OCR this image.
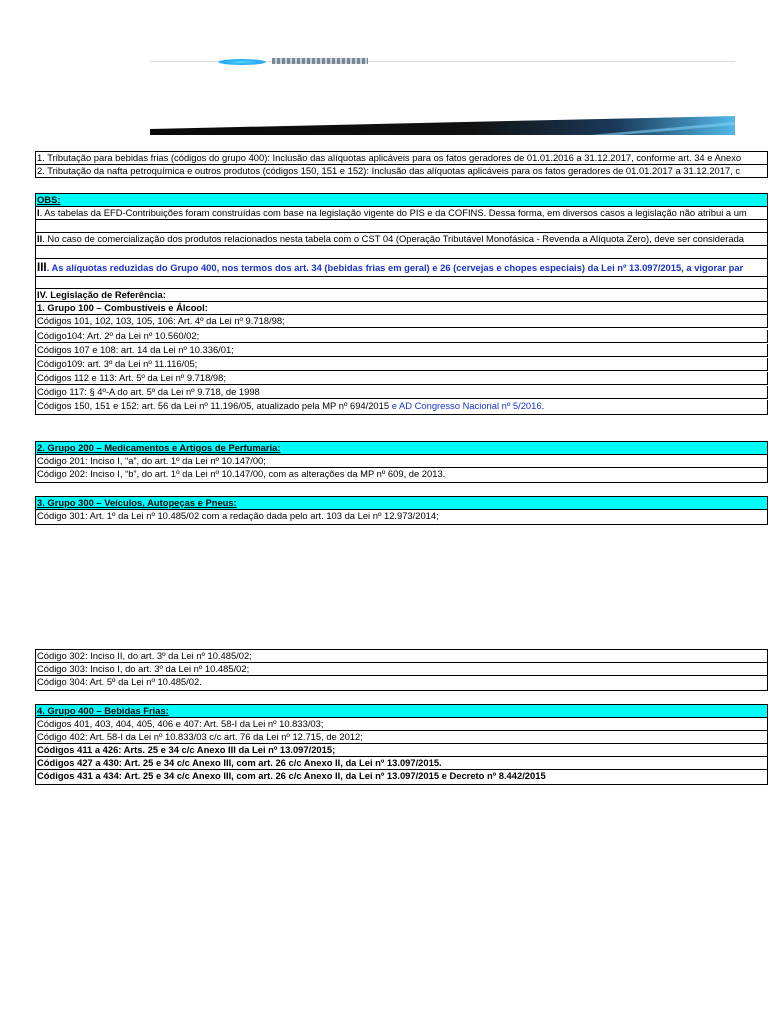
1. Tributação para bebidas frias (códigos do grupo 400): Inclusão das alíquotas aplicáveis para os fatos geradores de 01.01.2016 a 31.12.2017, conforme art. 34 e Anexo
2. Tributação da nafta petroquímica e outros produtos (códigos 150, 151 e 152): Inclusão das alíquotas aplicáveis para os fatos geradores de 01.01.2017 a 31.12.2017, c
OBS:
I. As tabelas da EFD-Contribuições foram construídas com base na legislação vigente do PIS e da COFINS. Dessa forma, em diversos casos a legislação não atribui a um
II. No caso de comercialização dos produtos relacionados nesta tabela com o CST 04 (Operação Tributável Monofásica - Revenda a Alíquota Zero), deve ser considerada
III. As alíquotas reduzidas do Grupo 400, nos termos dos art. 34 (bebidas frias em geral) e 26 (cervejas e chopes especiais) da Lei nº 13.097/2015, a vigorar par
IV. Legislação de Referência:
1. Grupo 100 – Combustíveis e Álcool:
Códigos 101, 102, 103, 105, 106: Art. 4º da Lei nº 9.718/98;
Código104: Art. 2º da Lei nº 10.560/02;
Códigos 107 e 108: art. 14 da Lei nº 10.336/01;
Código109: art. 3º da Lei nº 11.116/05;
Códigos 112 e 113: Art. 5º da Lei nº 9.718/98;
Código 117: § 4º-A do art. 5º da Lei nº 9.718, de 1998
Códigos 150, 151 e 152: art. 56 da Lei nº 11.196/05, atualizado pela MP nº 694/2015 e AD Congresso Nacional nº 5/2016.
2. Grupo 200 – Medicamentos e Artigos de Perfumaria:
Código 201: Inciso I, “a”, do art. 1º da Lei nº 10.147/00;
Código 202: Inciso I, “b”, do art. 1º da Lei nº 10.147/00, com as alterações da MP nº 609, de 2013.
3. Grupo 300 – Veículos, Autopeças e Pneus:
Código 301: Art. 1º da Lei nº 10.485/02 com a redação dada pelo art. 103 da Lei nº 12.973/2014;
Código 302: Inciso II, do art. 3º da Lei nº 10.485/02;
Código 303: Inciso I, do art. 3º da Lei nº 10.485/02;
Código 304: Art. 5º da Lei nº 10.485/02.
4. Grupo 400 – Bebidas Frias:
Códigos 401, 403, 404, 405, 406 e 407: Art. 58-I da Lei nº 10.833/03;
Código 402: Art. 58-I da Lei nº 10.833/03 c/c art. 76 da Lei nº 12.715, de 2012;
Códigos 411 a 426: Arts. 25 e 34 c/c Anexo III da Lei nº 13.097/2015;
Códigos 427 a 430: Art. 25 e 34 c/c Anexo III, com art. 26 c/c Anexo II, da Lei nº 13.097/2015.
Códigos 431 a 434: Art. 25 e 34 c/c Anexo III, com art. 26 c/c Anexo II, da Lei nº 13.097/2015 e Decreto nº 8.442/2015
